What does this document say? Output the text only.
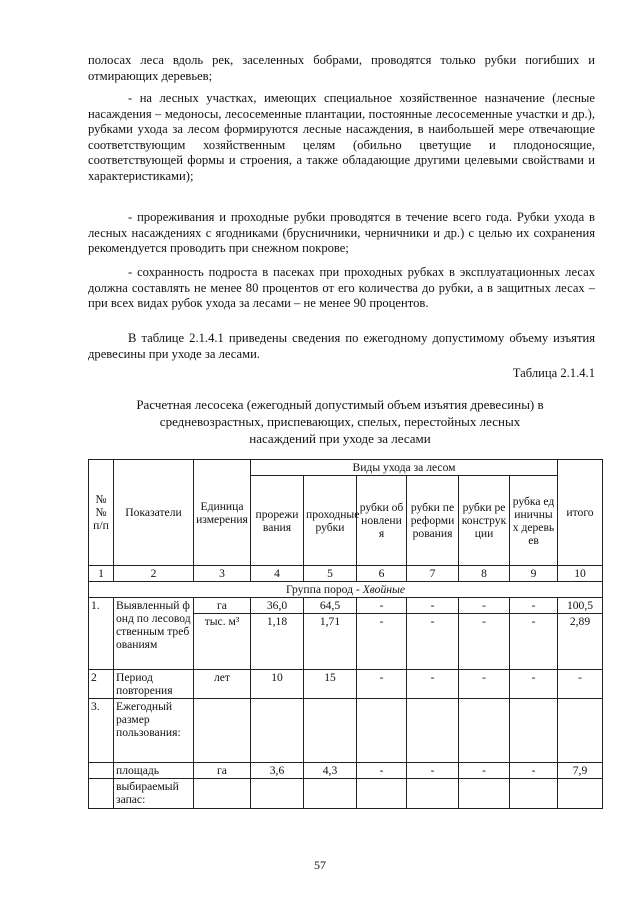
полосах леса вдоль рек, заселенных бобрами, проводятся только рубки погибших и отмирающих деревьев;

- на лесных участках, имеющих специальное хозяйственное назначение (лесные насаждения – медоносы, лесосеменные плантации, постоянные лесосеменные участки и др.), рубками ухода за лесом формируются лесные насаждения, в наибольшей мере отвечающие соответствующим хозяйственным целям (обильно цветущие и плодоносящие, соответствующей формы и строения, а также обладающие другими целевыми свойствами и характеристиками);

- прореживания и проходные рубки проводятся в течение всего года. Рубки ухода в лесных насаждениях с ягодниками (брусничники, черничники и др.) с целью их сохранения рекомендуется проводить при снежном покрове;

- сохранность подроста в пасеках при проходных рубках в эксплуатационных лесах должна составлять не менее 80 процентов от его количества до рубки, а в защитных лесах – при всех видах рубок ухода за лесами – не менее 90 процентов.

В таблице 2.1.4.1 приведены сведения по ежегодному допустимому объему изъятия древесины при уходе за лесами.

Таблица 2.1.4.1

Расчетная лесосека (ежегодный допустимый объем изъятия древесины) в средневозрастных, приспевающих, спелых, перестойных лесных насаждений при уходе за лесами

№ № п/п	Показатели	Единица измерения	Виды ухода за лесом						итого
			прореживания	проходные рубки	рубки обновления	рубки переформирования	рубки реконструкции	рубка единичных деревьев	
1	2	3	4	5	6	7	8	9	10
Группа пород - Хвойные									
1.	Выявленный фонд по лесоводственным требованиям	га	36,0	64,5	-	-	-	-	100,5
		тыс. м³	1,18	1,71	-	-	-	-	2,89
2	Период повторения	лет	10	15	-	-	-	-	-
3.	Ежегодный размер пользования:								
	площадь	га	3,6	4,3	-	-	-	-	7,9
	выбираемый запас:								
57
